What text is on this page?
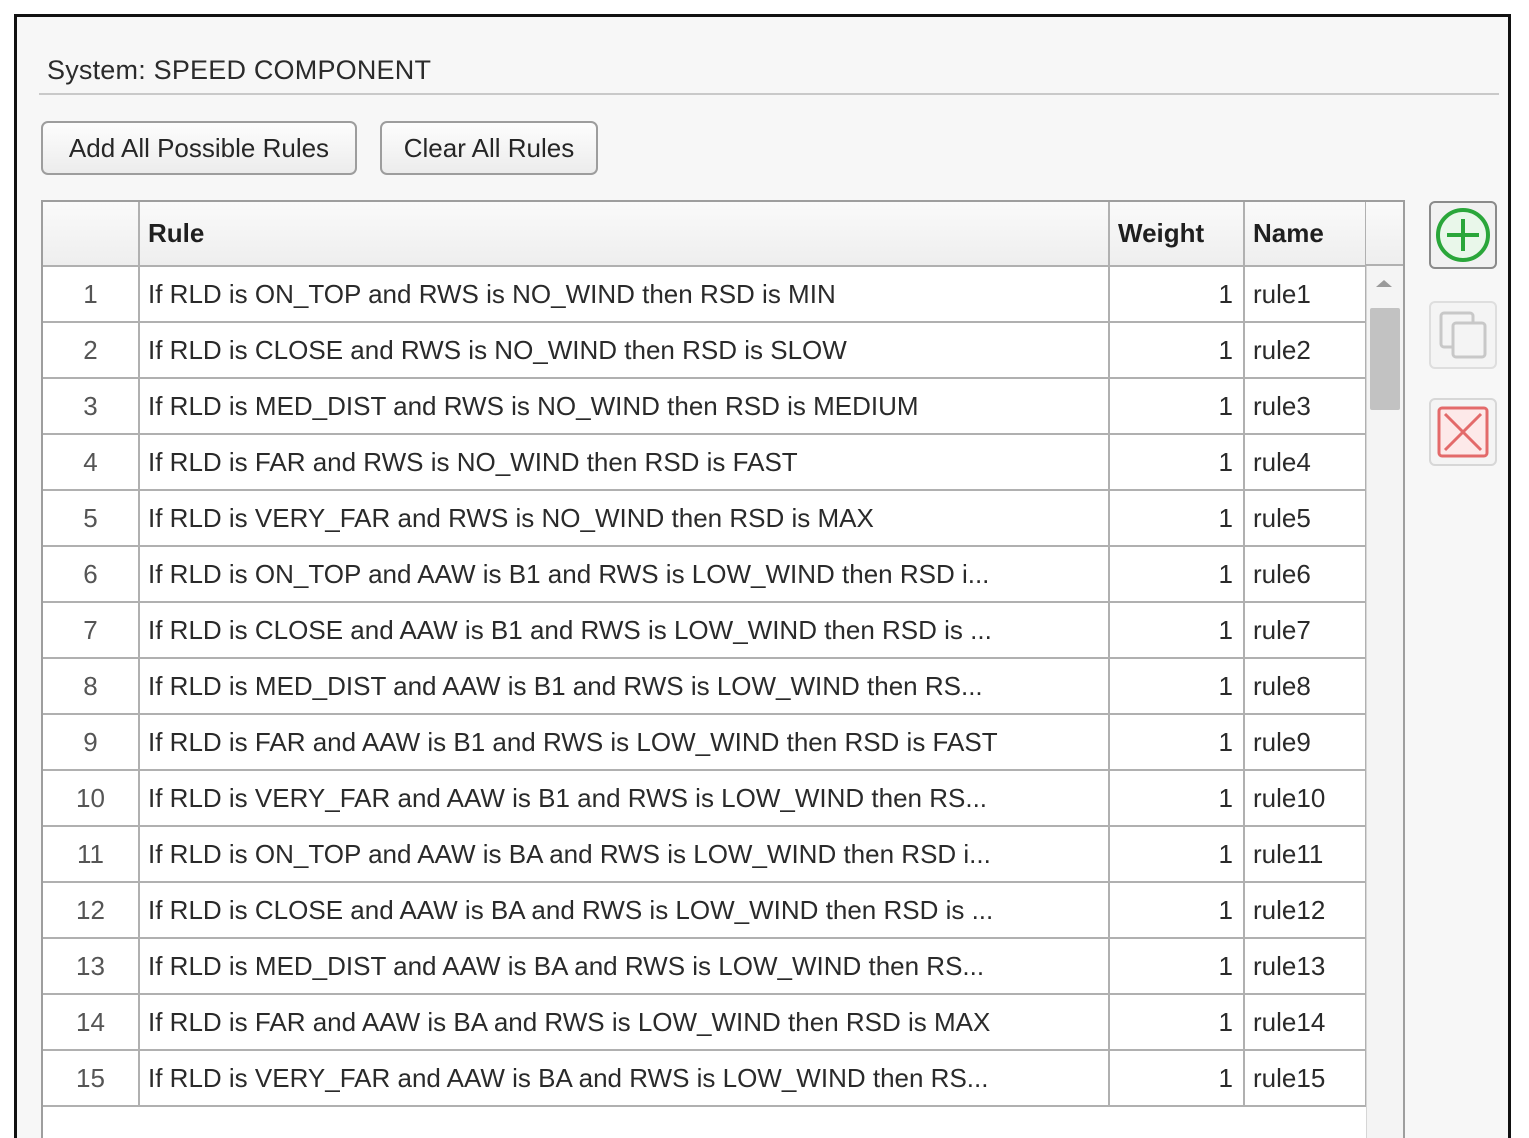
System: SPEED COMPONENT
Add All Possible Rules	Clear All Rules
	Rule	Weight	Name
1	If RLD is ON_TOP and RWS is NO_WIND then RSD is MIN	1	rule1
2	If RLD is CLOSE and RWS is NO_WIND then RSD is SLOW	1	rule2
3	If RLD is MED_DIST and RWS is NO_WIND then RSD is MEDIUM	1	rule3
4	If RLD is FAR and RWS is NO_WIND then RSD is FAST	1	rule4
5	If RLD is VERY_FAR and RWS is NO_WIND then RSD is MAX	1	rule5
6	If RLD is ON_TOP and AAW is B1 and RWS is LOW_WIND then RSD i...	1	rule6
7	If RLD is CLOSE and AAW is B1 and RWS is LOW_WIND then RSD is ...	1	rule7
8	If RLD is MED_DIST and AAW is B1 and RWS is LOW_WIND then RS...	1	rule8
9	If RLD is FAR and AAW is B1 and RWS is LOW_WIND then RSD is FAST	1	rule9
10	If RLD is VERY_FAR and AAW is B1 and RWS is LOW_WIND then RS...	1	rule10
11	If RLD is ON_TOP and AAW is BA and RWS is LOW_WIND then RSD i...	1	rule11
12	If RLD is CLOSE and AAW is BA and RWS is LOW_WIND then RSD is ...	1	rule12
13	If RLD is MED_DIST and AAW is BA and RWS is LOW_WIND then RS...	1	rule13
14	If RLD is FAR and AAW is BA and RWS is LOW_WIND then RSD is MAX	1	rule14
15	If RLD is VERY_FAR and AAW is BA and RWS is LOW_WIND then RS...	1	rule15
